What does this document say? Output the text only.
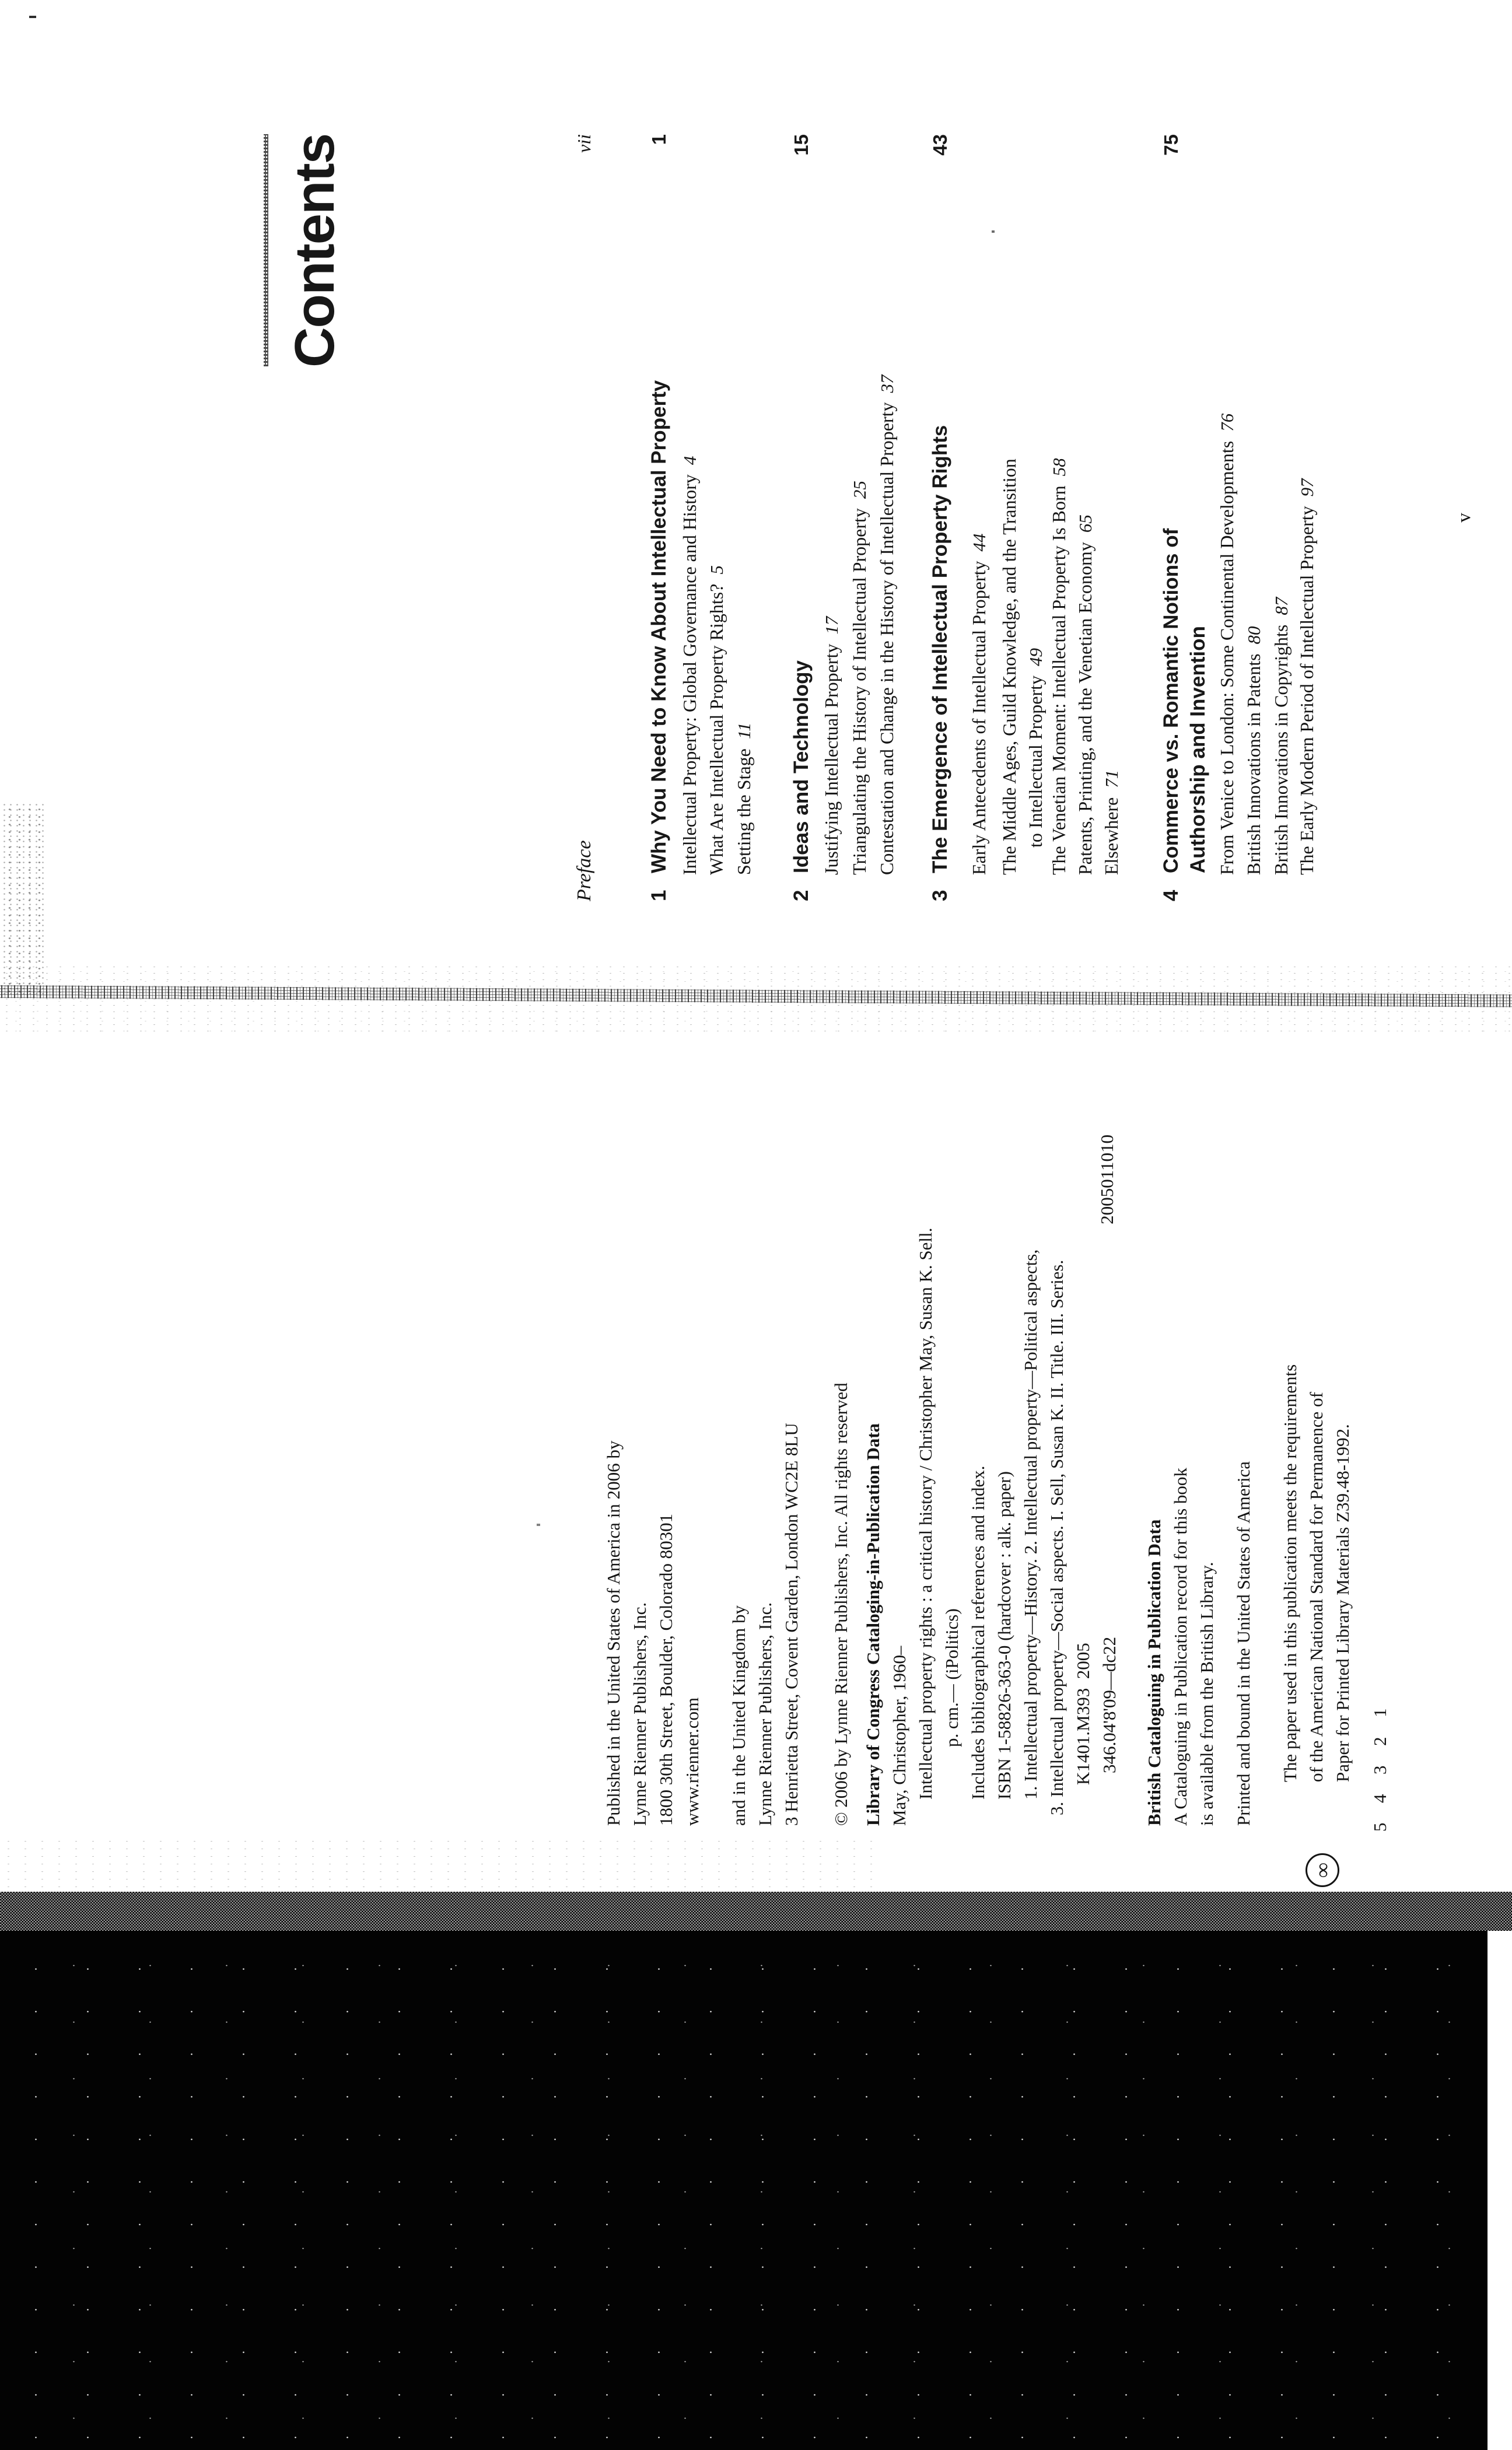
Contents
Preface
vii
1Why You Need to Know About Intellectual Property
1
Intellectual Property: Global Governance and History4
What Are Intellectual Property Rights?5
Setting the Stage11
2Ideas and Technology
15
Justifying Intellectual Property17 Triangulating the History of Intellectual Property25 Contestation and Change in the History of Intellectual Property37
3The Emergence of Intellectual Property Rights
43
Early Antecedents of Intellectual Property44 The Middle Ages, Guild Knowledge, and the Transition to Intellectual Property49 The Venetian Moment: Intellectual Property Is Born58
Patents, Printing, and the Venetian Economy65
Elsewhere71
4Commerce vs. Romantic Notions of
75
Authorship and Invention From Venice to London: Some Continental Developments76
British Innovations in Patents80 British Innovations in Copyrights87 The Early Modern Period of Intellectual Property97
v
Published in the United States of America in 2006 by Lynne Rienner Publishers, Inc. 1800 30th Street, Boulder, Colorado 80301 www.rienner.com and in the United Kingdom by Lynne Rienner Publishers, Inc. 3 Henrietta Street, Covent Garden, London WC2E 8LU © 2006 by Lynne Rienner Publishers, Inc. All rights reserved Library of Congress Cataloging-in-Publication Data May, Christopher, 1960– Intellectual property rights : a critical history / Christopher May, Susan K. Sell. p. cm.— (iPolitics) Includes bibliographical references and index. ISBN 1-58826-363-0 (hardcover : alk. paper) 1. Intellectual property—History. 2. Intellectual property—Political aspects, 3. Intellectual property—Social aspects. I. Sell, Susan K. II. Title. III. Series. K1401.M393  2005 346.04'8'09—dc22
2005011010
British Cataloguing in Publication Data A Cataloguing in Publication record for this book is available from the British Library. Printed and bound in the United States of America
∞
The paper used in this publication meets the requirements of the American National Standard for Permanence of Paper for Printed Library Materials Z39.48-1992. 5  4  3  2  1
